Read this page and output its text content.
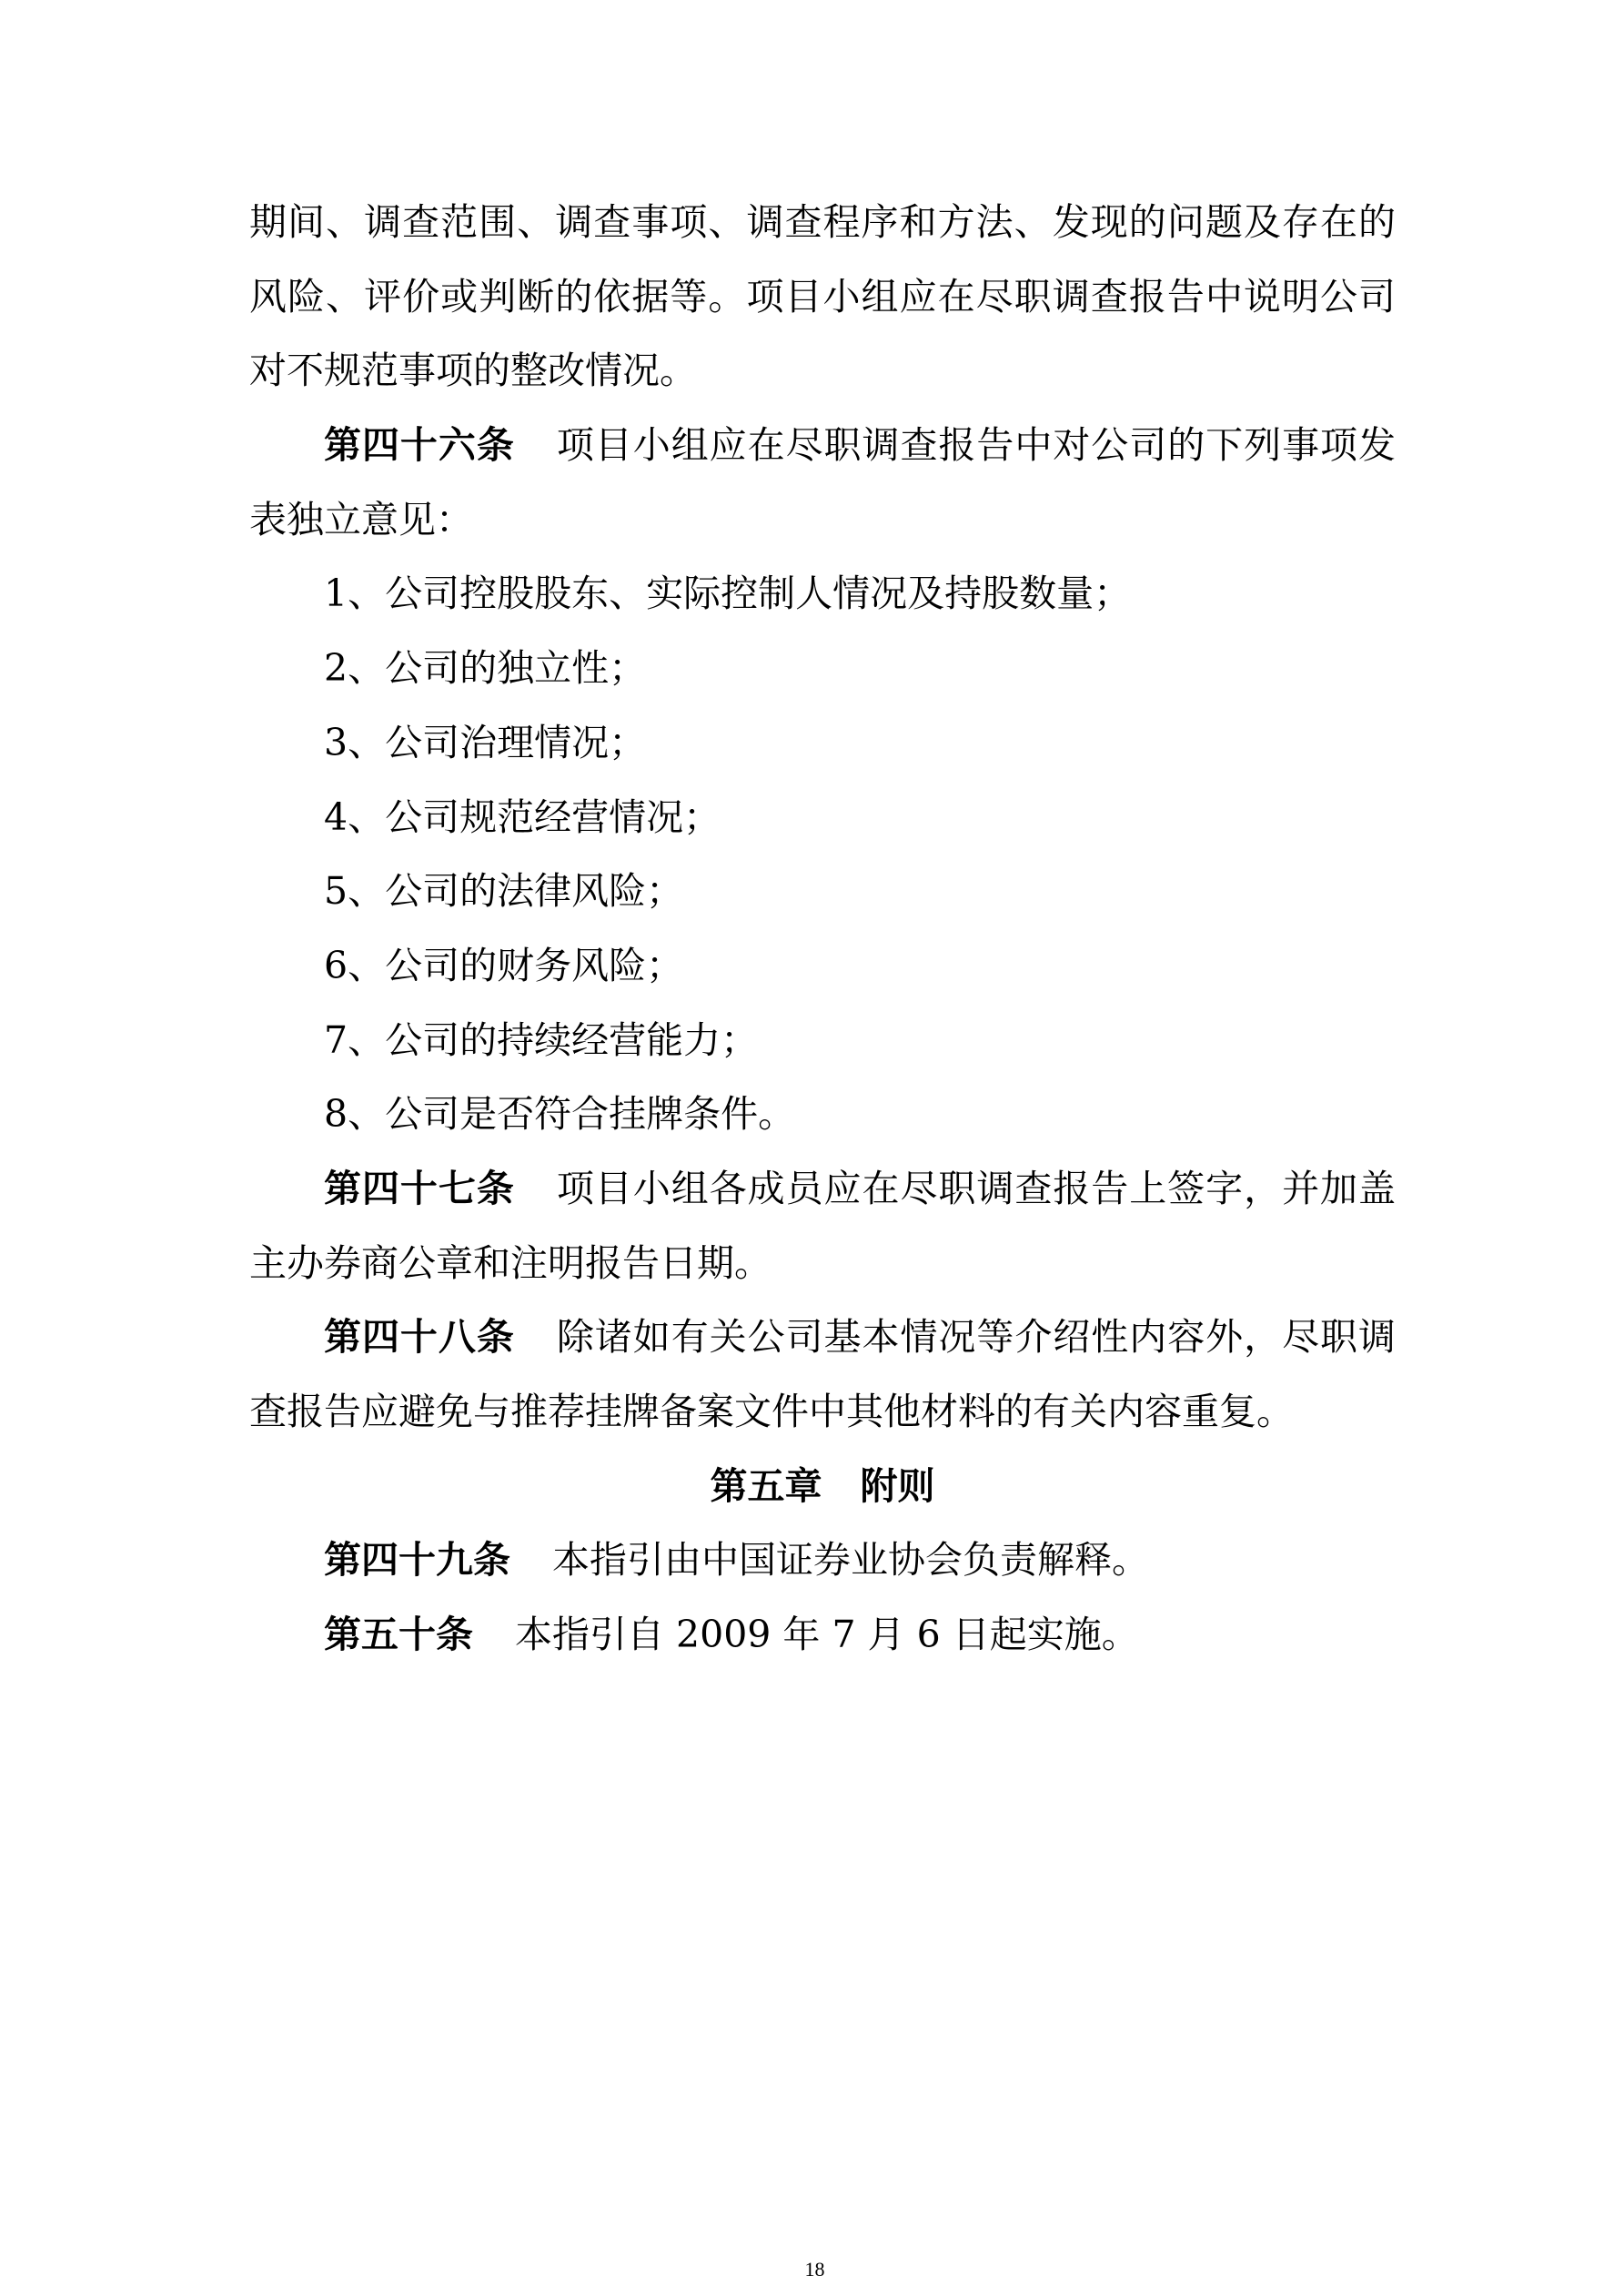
期间、调查范围、调查事项、调查程序和方法、发现的问题及存在的
风险、评价或判断的依据等。项目小组应在尽职调查报告中说明公司
对不规范事项的整改情况。
第四十六条 项目小组应在尽职调查报告中对公司的下列事项发
表独立意见：
1、公司控股股东、实际控制人情况及持股数量；
2、公司的独立性；
3、公司治理情况；
4、公司规范经营情况；
5、公司的法律风险；
6、公司的财务风险；
7、公司的持续经营能力；
8、公司是否符合挂牌条件。
第四十七条 项目小组各成员应在尽职调查报告上签字，并加盖
主办券商公章和注明报告日期。
第四十八条 除诸如有关公司基本情况等介绍性内容外，尽职调
查报告应避免与推荐挂牌备案文件中其他材料的有关内容重复。
第五章 附则
第四十九条 本指引由中国证券业协会负责解释。
第五十条 本指引自 2009 年 7 月 6 日起实施。
18
